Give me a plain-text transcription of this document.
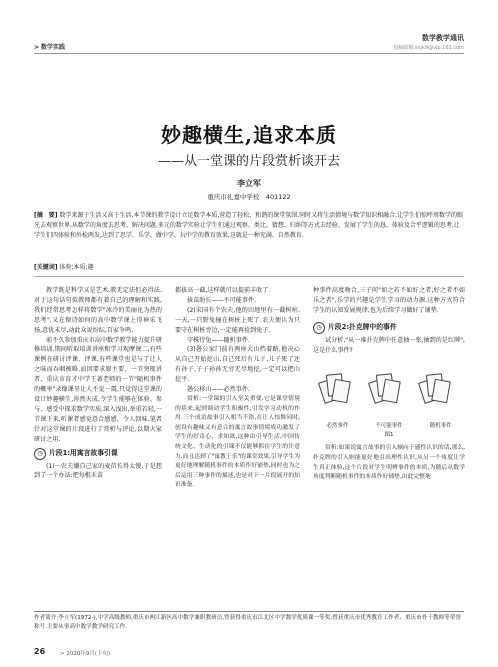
> 数学实践
数学教学通讯
投稿邮箱:sxjk9@vip.163.com
妙趣横生,追求本质
——从一堂课的片段赏析谈开去
李立军
重庆市礼嘉中学校　401122
[摘　要] 数学来源于生活又高于生活,本节课的教学设计立足数学本质,营造了轻松、和谐的课堂氛围.同时又将生活情境与数学知识相融合,让学生们惊呼周数学的眼光去观察世界,从数学的角度去思考、解决问题.多元的数学实验让学生们通过观察、类比、猜想、归纳等方式去经验、发展了学生的恳、体验及合乎逻辑的思考,让学生们四体验和外检两发,达到了思学、乐学、做中学、玩中学的教育效果,这就是一种充满、自然教育.
[关键词] 体验;本质;趣

教学既是科学又是艺术,教无定法但必得法.对于这句话句似教师都有着自己的理解和实践,我们经常思考怎样将数学"冰冷的美丽化为热的思考",又在保诗如何的高中数学课上得神采飞扬,意犹未尽,动此众说纷纭,百家争鸣.

前不久参加重庆市高中数学教学能力提升研修培训,期间听取培训讲座和学习观摩课二,有些课例在研讨评课、评课,有些课堂也是与了让人之味而吞咽被略.而因要求原主要、一节突现讲者、重庆市育才中学王著老师的一节"随机事件的概率"录像课呈让人不觉一震,只觉得这堂课的设计妙趣横生,浑然天成,令学生能够在体验、参与、感受中探求数学实质,深入浅出,举重若轻,一节课下来,听课者感觉意合感感、令人回味.笔者针对这堂课的片段进行了赏析与评论,以期大家研讨之用.

◷ 片段1:用寓言故事引课

(1)一农夫嫌自己家的麦苗长得太慢,于是想到了一个办法:把每根禾苗

都拔高一截,这样就可以提前丰收了.

拔苗助长——不可能事件.

(2)宋国有个农夫,他的田地里有一截树桩.一天,一只野兔撞在树桩上死了.农夫便认为只要守在树桩旁边,一定能再捡到兔子.

守株待兔——随机事件.

(3)愚公家门前有两座大山挡着路,他决心从自己开始挖山,自己死后有儿子,儿子死了还有孙子,子子孙孙无穷无尽地挖,一定可以把山挖平.

愚公移山——必然事件.

赏析:一堂课的引入至关重要,它是课堂情境的基来,起到调动学生积极性,引发学习动机的作用.三个成语故事引入相当不错,在让人惊舞同时,创设有趣味又有意合的寓言故事情境成功激发了学生的好奇心、求知欲,这种由引导生活,中国传统文化、生动化的引课不仅能够抓住学生的注意力,而且达到了"寓教于乐"的课堂效果,引导学生为更好地理解随机事件的本质作好铺垫,同时也为之后运用三种事件的描述,也是对下一片段展开的知识准备.

种事件高度吻合,三子问"如之若不如好之者,好之者不如乐之者",乐学的兴趣是学生学习的动力源.这种方式符合学生的认知发展规律,也为后续学习做好了铺垫.

◷ 片段2:扑克牌中的事件

试分析,"从一堆扑克牌中任意抽一张,抽到的是红牌",这是什么事件?

必然事件	不可能事件	随机事件
图1

赏析:如果说寓言故事的引入倾向于感性认识的话,那么,扑克牌的引入则能更好地引出理性认识,从另一个角度让学生真正体验,这个片段对学生明辨事件的本质,为随后从数学角度判断随机事件的本质作好铺垫,由此完整地

作者简介:李立军(1972-),中学高级教师,重庆市两江新区高中数学兼职教研员,曾获得重庆市江北区中学数学优质课一等奖;曾获重庆市优秀教育工作者、重庆市骨干教师等荣誉称号.主要从事高中数学教学研究工作.
26	> 2020年9月(下旬)
